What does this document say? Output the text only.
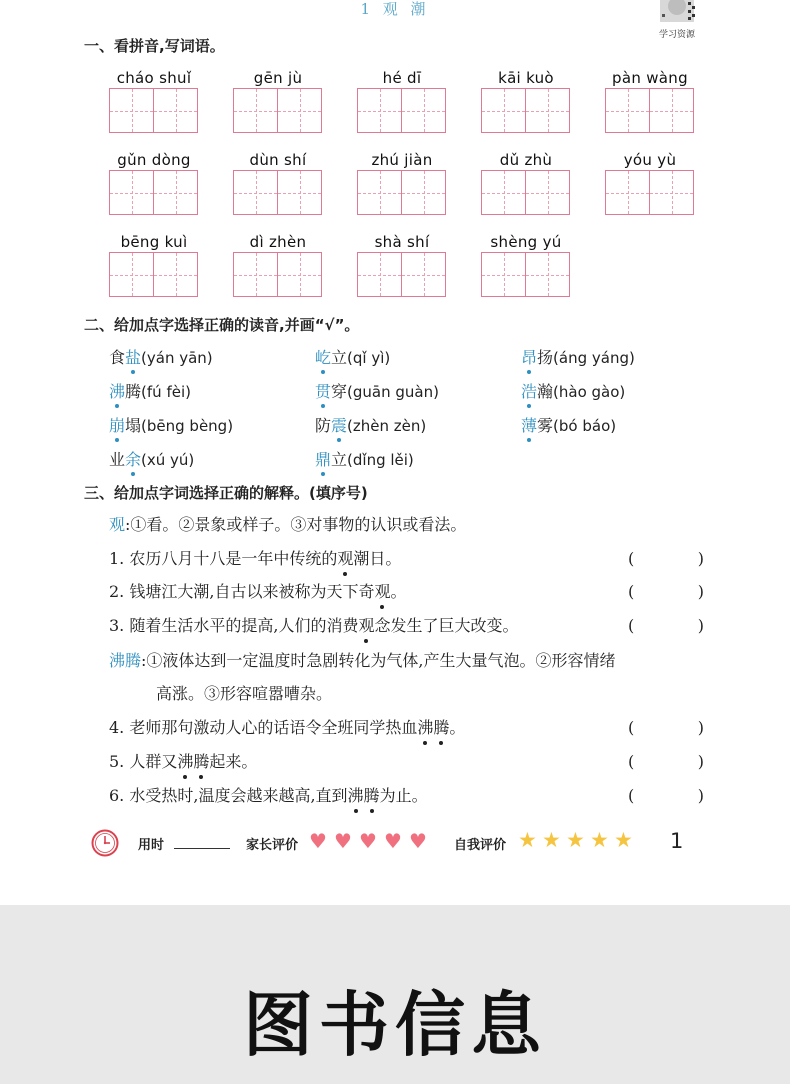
1 观 潮
学习资源
一、看拼音,写词语。
cháo shuǐ	gēn jù	hé dī	kāi kuò	pàn wàng
gǔn dòng	dùn shí	zhú jiàn	dǔ zhù	yóu yù
bēng kuì	dì zhèn	shà shí	shèng yú
二、给加点字选择正确的读音,并画“√”。
食盐(yán yān)	屹立(qǐ yì)	昂扬(áng yáng)
沸腾(fú fèi)	贯穿(guān guàn)	浩瀚(hào gào)
崩塌(bēng bèng)	防震(zhèn zèn)	薄雾(bó báo)
业余(xú yú)	鼎立(dǐng lěi)
三、给加点字词选择正确的解释。(填序号)
观:①看。②景象或样子。③对事物的认识或看法。
1. 农历八月十八是一年中传统的观潮日。	(	)
2. 钱塘江大潮,自古以来被称为天下奇观。	(	)
3. 随着生活水平的提高,人们的消费观念发生了巨大改变。	(	)
沸腾:①液体达到一定温度时急剧转化为气体,产生大量气泡。②形容情绪
高涨。③形容喧嚣嘈杂。
4. 老师那句激动人心的话语令全班同学热血沸腾。	(	)
5. 人群又沸腾起来。	(	)
6. 水受热时,温度会越来越高,直到沸腾为止。	(	)
用时	家长评价 ♥ ♥ ♥ ♥ ♥ 自我评价 ★ ★ ★ ★ ★ 1
图书信息
